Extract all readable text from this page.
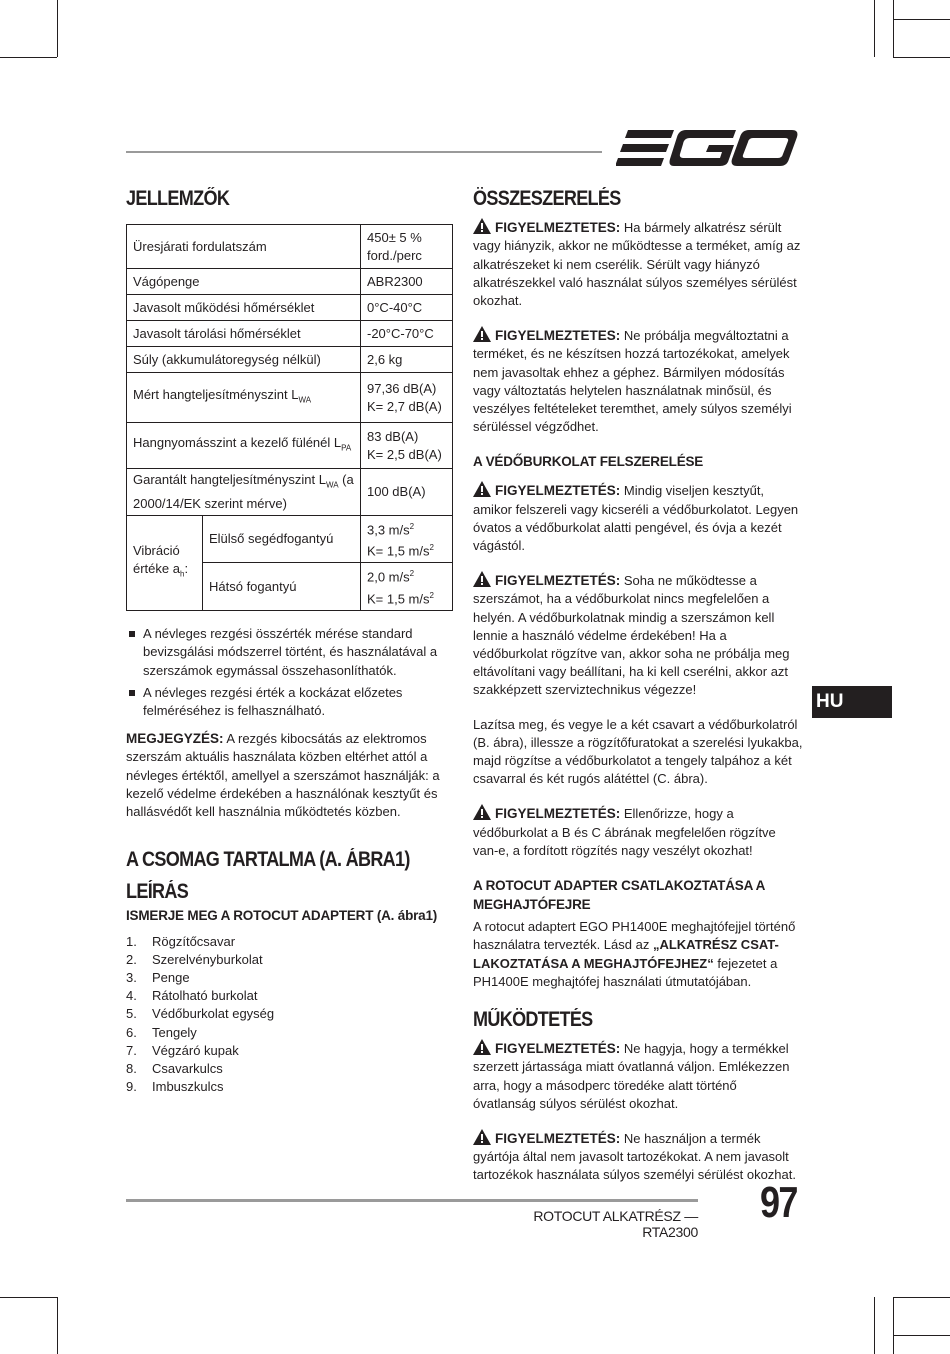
JELLEMZŐK
Üresjárati fordulatszám		450± 5 % ford./perc
Vágópenge		ABR2300
Javasolt működési hőmérséklet		0°C-40°C
Javasolt tárolási hőmérséklet		-20°C-70°C
Súly (akkumulátoregység nélkül)		2,6 kg
Mért hangteljesítményszint $L_{WA}$		97,36 dB(A)
K= 2,7 dB(A)

Hangnyomásszint a kezelő fülénél $L_{PA}$		83 dB(A)
K= 2,5 dB(A)

Garantált hangteljesítményszint $L_{WA}$ (a 2000/14/EK szerint mérve)		100 dB(A)
Vibráció értéke $a_h$:	Elülső segédfogantyú	3,3 $m/s^2$
K= 1,5 $m/s^2$

	Hátsó fogantyú	2,0 $m/s^2$
K= 1,5 $m/s^2$
A névleges rezgési összérték mérése standard bevizsgálási módszerrel történt, és használatával a szerszámok egymással összehasonlíthatók.
A névleges rezgési érték a kockázat előzetes felméréséhez is felhasználható.

MEGJEGYZÉS: A rezgés kibocsátás az elektromos szerszám aktuális használata közben eltérhet attól a névleges értéktől, amellyel a szerszámot használják: a kezelő védelme érdekében a használónak kesztyűt és hallásvédőt kell használnia működtetés közben.

A CSOMAG TARTALMA (A. ÁBRA1)
LEÍRÁS
ISMERJE MEG A ROTOCUT ADAPTERT (A. ábra1)
1.	Rögzítőcsavar
2.	Szerelvényburkolat
3.	Penge
4.	Rátolható burkolat
5.	Védőburkolat egység
6.	Tengely
7.	Végzáró kupak
8.	Csavarkulcs
9.	Imbuszkulcs
ÖSSZESZERELÉS

FIGYELMEZTETES: Ha bármely alkatrész sérült vagy hiányzik, akkor ne működtesse a terméket, amíg az alkatrészeket ki nem cserélik. Sérült vagy hiányzó alkatrészekkel való használat súlyos személyes sérülést okozhat.

FIGYELMEZTETES: Ne próbálja megváltoztatni a terméket, és ne készítsen hozzá tartozékokat, amelyek nem javasoltak ehhez a géphez. Bármilyen módosítás vagy változtatás helytelen használatnak minősül, és veszélyes feltételeket teremthet, amely súlyos személyi sérüléssel végződhet.

A VÉDŐBURKOLAT FELSZERELÉSE

FIGYELMEZTETÉS: Mindig viseljen kesztyűt, amikor felszereli vagy kicseréli a védőburkolatot. Legyen óvatos a védőburkolat alatti pengével, és óvja a kezét vágástól.

FIGYELMEZTETÉS: Soha ne működtesse a szerszámot, ha a védőburkolat nincs megfelelően a helyén. A védőburkolatnak mindig a szerszámon kell lennie a használó védelme érdekében! Ha a védőburkolat rögzítve van, akkor soha ne próbálja meg eltávolítani vagy beállítani, ha ki kell cserélni, akkor azt szakképzett szerviztechnikus végezze!

Lazítsa meg, és vegye le a két csavart a védőburkolatról (B. ábra), illessze a rögzítőfuratokat a szerelési lyukakba, majd rögzítse a védőburkolatot a tengely talpához a két csavarral és két rugós alátéttel (C. ábra).

FIGYELMEZTETÉS: Ellenőrizze, hogy a védőburkolat a B és C ábrának megfelelően rögzítve van-e, a fordított rögzítés nagy veszélyt okozhat!

A ROTOCUT ADAPTER CSATLAKOZTATÁSA A MEGHAJTÓFEJRE

A rotocut adaptert EGO PH1400E meghajtófejjel történő használatra tervezték. Lásd az „ALKATRÉSZ CSAT-LAKOZTATÁSA A MEGHAJTÓFEJHEZ“ fejezetet a PH1400E meghajtófej használati útmutatójában.

MŰKÖDTETÉS

FIGYELMEZTETÉS: Ne hagyja, hogy a termékkel szerzett jártassága miatt óvatlanná váljon. Emlékezzen arra, hogy a másodperc töredéke alatt történő óvatlanság súlyos sérülést okozhat.

FIGYELMEZTETÉS: Ne használjon a termék gyártója által nem javasolt tartozékokat. A nem javasolt tartozékok használata súlyos személyi sérülést okozhat.

HU
ROTOCUT ALKATRÉSZ — RTA2300
97
